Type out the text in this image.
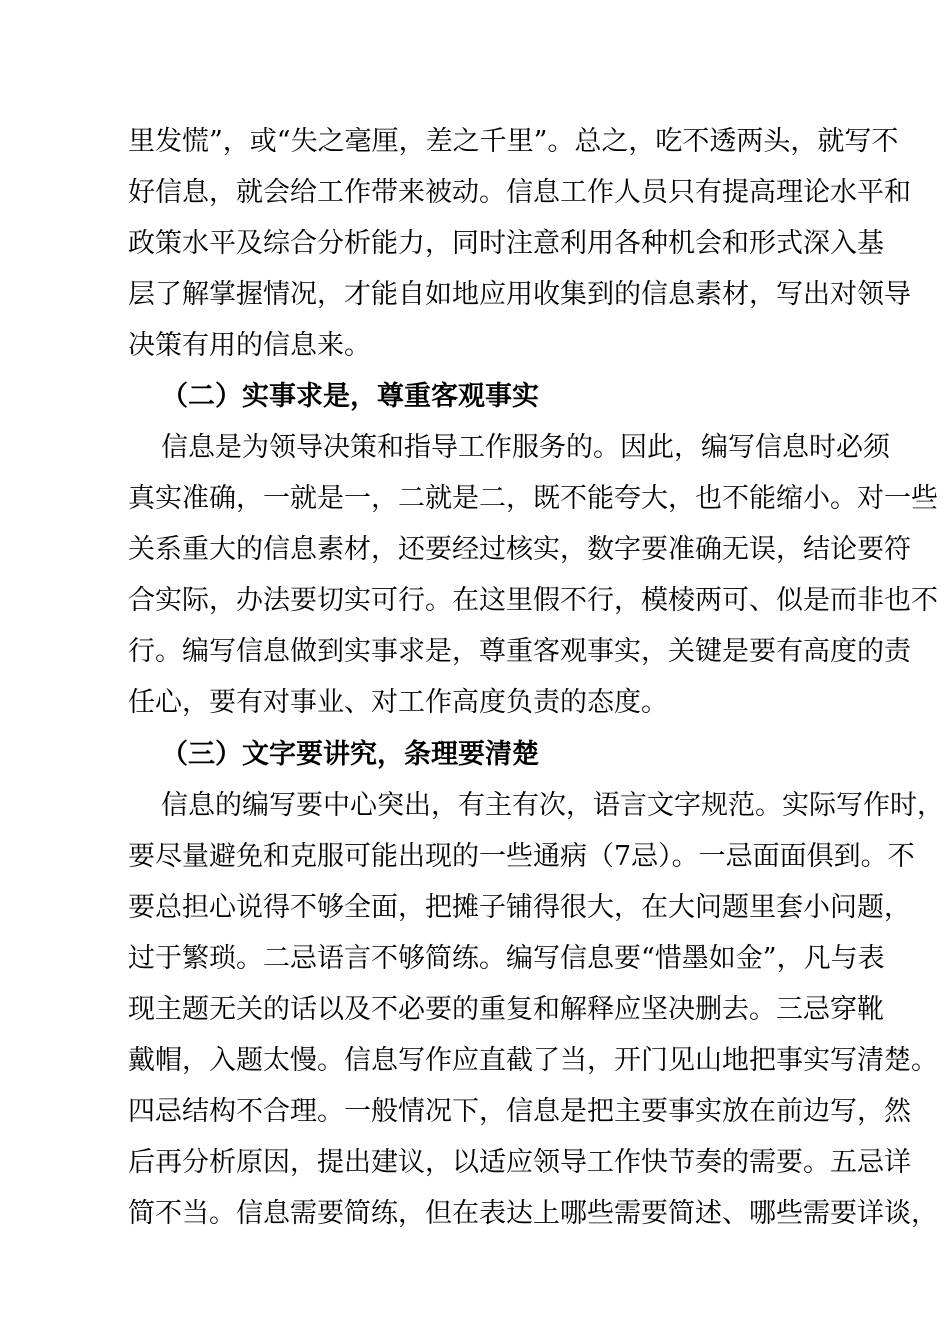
里发慌”，或“失之毫厘，差之千里”。总之，吃不透两头，就写不
好信息，就会给工作带来被动。信息工作人员只有提高理论水平和
政策水平及综合分析能力，同时注意利用各种机会和形式深入基
层了解掌握情况，才能自如地应用收集到的信息素材，写出对领导
决策有用的信息来。
（二）实事求是，尊重客观事实
信息是为领导决策和指导工作服务的。因此，编写信息时必须
真实准确，一就是一，二就是二，既不能夸大，也不能缩小。对一些
关系重大的信息素材，还要经过核实，数字要准确无误，结论要符
合实际，办法要切实可行。在这里假不行，模棱两可、似是而非也不
行。编写信息做到实事求是，尊重客观事实，关键是要有高度的责
任心，要有对事业、对工作高度负责的态度。
（三）文字要讲究，条理要清楚
信息的编写要中心突出，有主有次，语言文字规范。实际写作时，
要尽量避免和克服可能出现的一些通病（7忌）。一忌面面俱到。不
要总担心说得不够全面，把摊子铺得很大，在大问题里套小问题，
过于繁琐。二忌语言不够简练。编写信息要“惜墨如金”，凡与表
现主题无关的话以及不必要的重复和解释应坚决删去。三忌穿靴
戴帽，入题太慢。信息写作应直截了当，开门见山地把事实写清楚。
四忌结构不合理。一般情况下，信息是把主要事实放在前边写，然
后再分析原因，提出建议，以适应领导工作快节奏的需要。五忌详
简不当。信息需要简练，但在表达上哪些需要简述、哪些需要详谈，
